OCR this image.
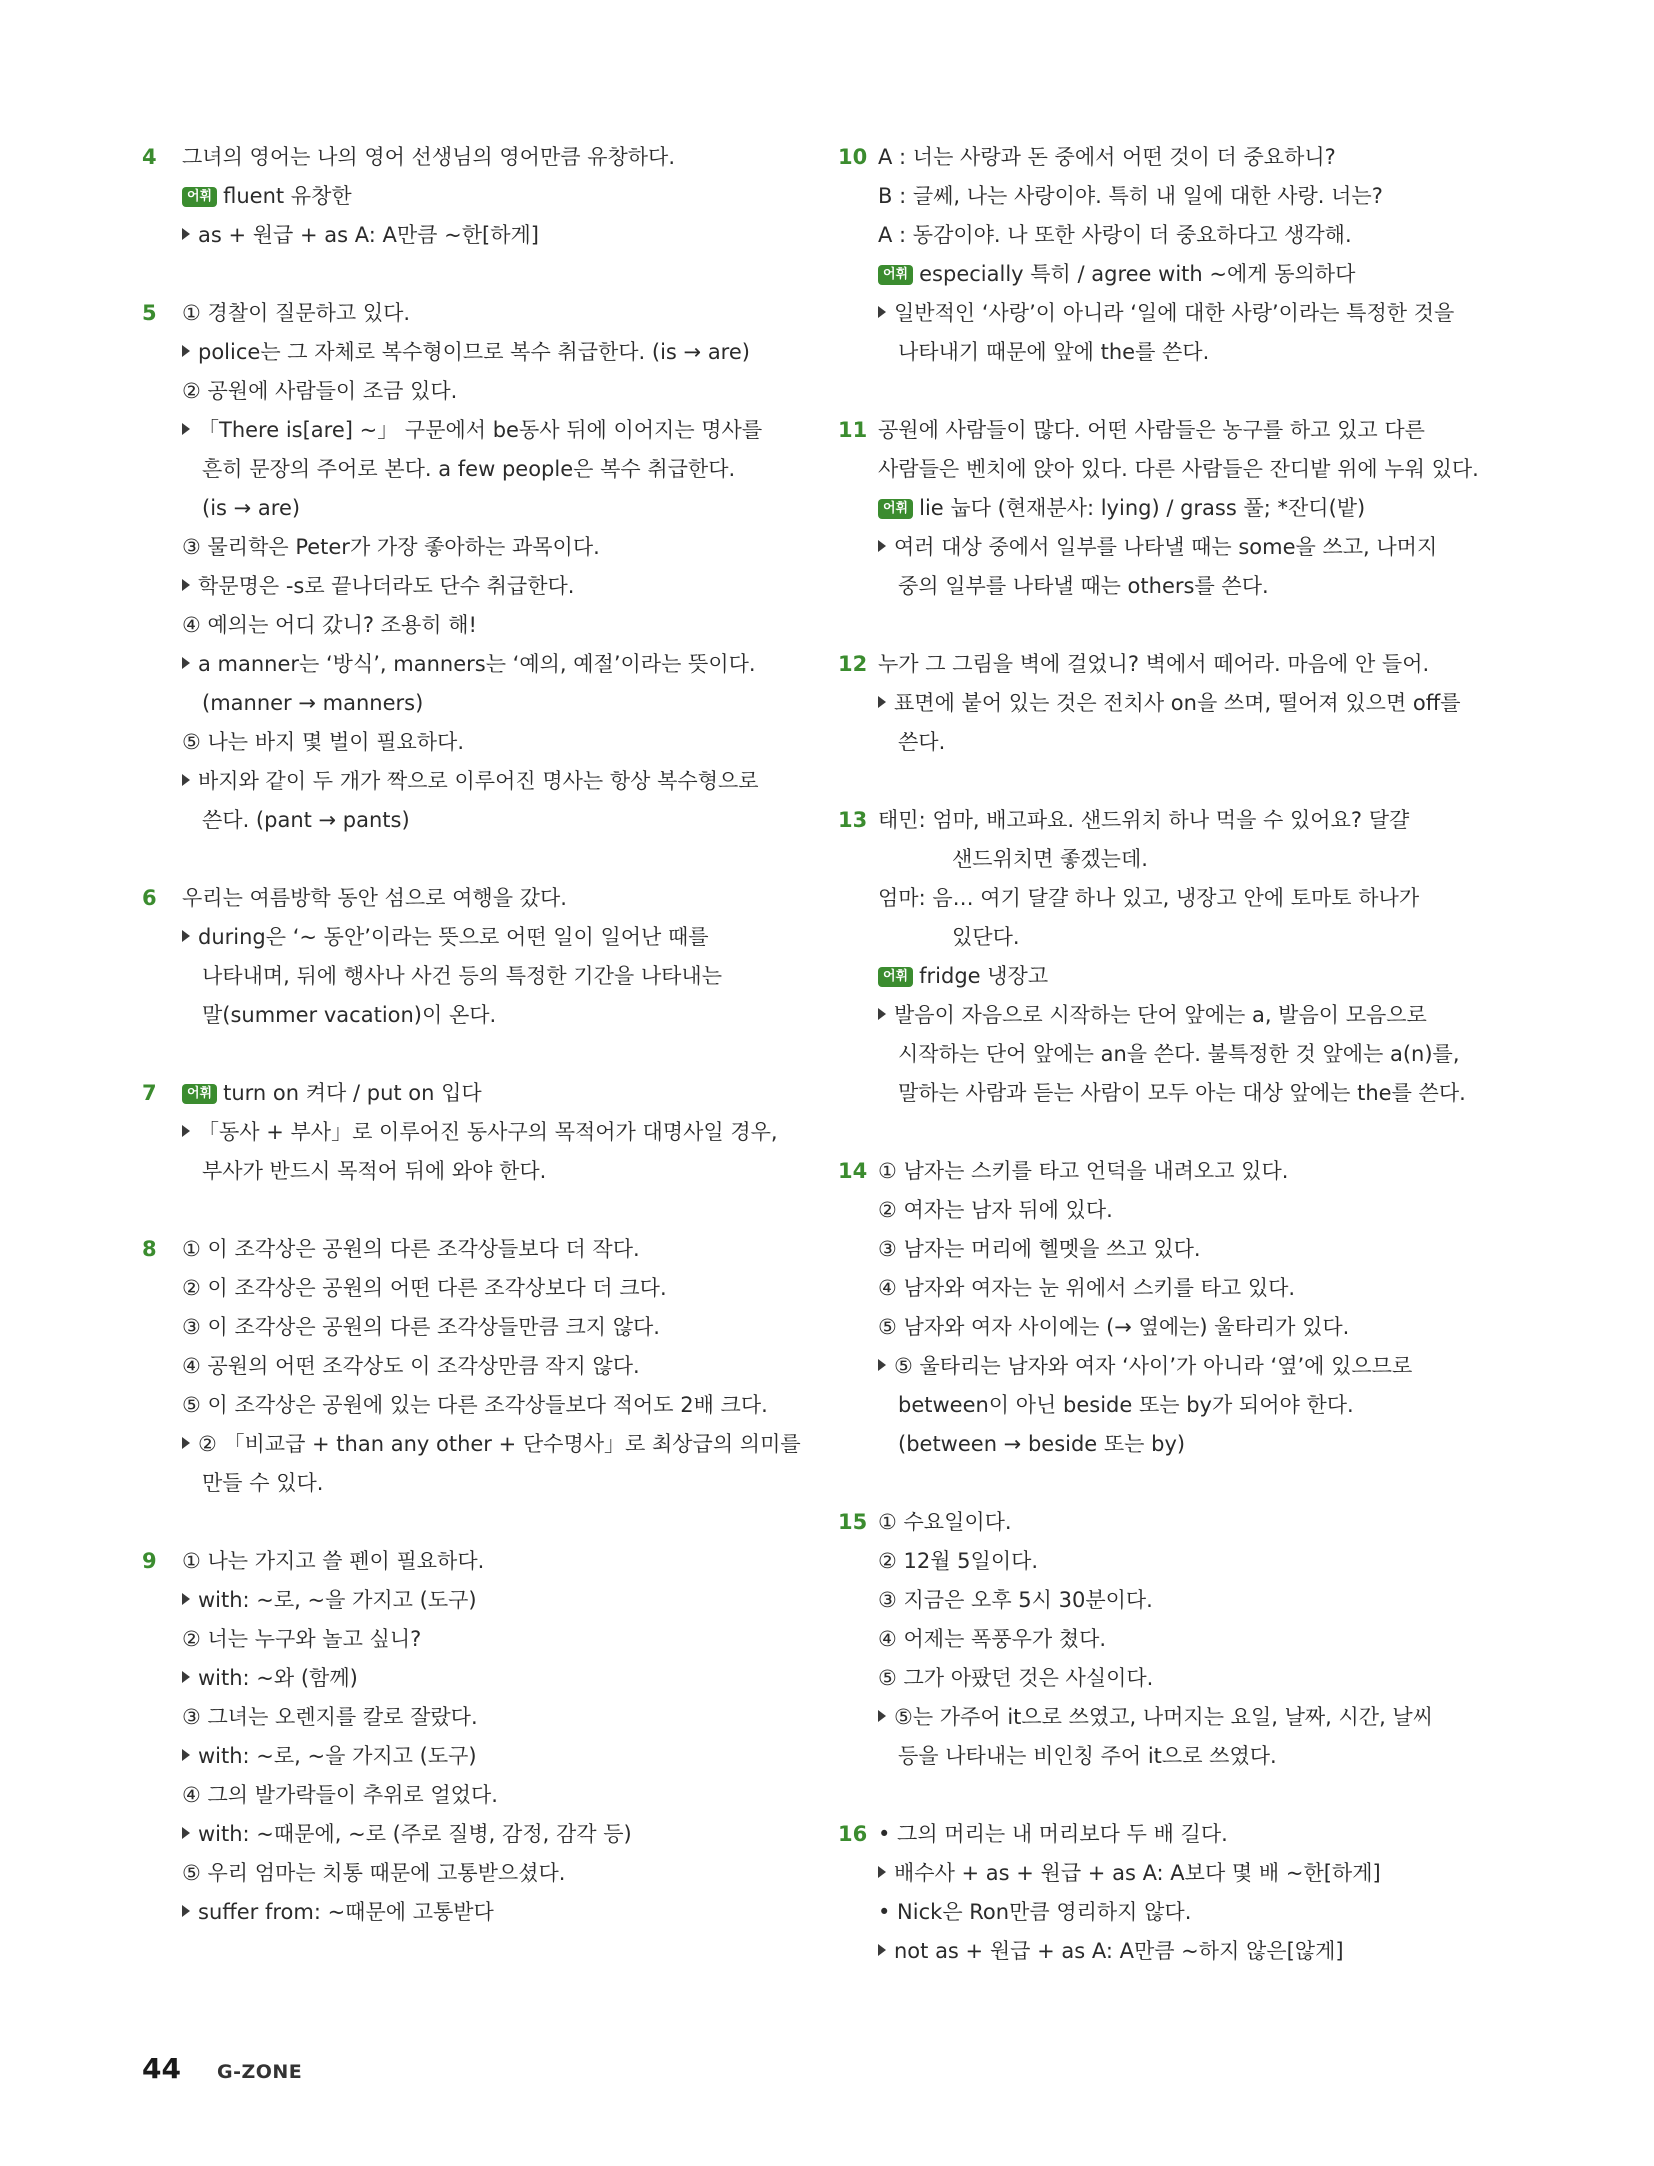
4 그녀의 영어는 나의 영어 선생님의 영어만큼 유창하다.
어휘 fluent 유창한
as + 원급 + as A: A만큼 ~한[하게]
5 ① 경찰이 질문하고 있다.
police는 그 자체로 복수형이므로 복수 취급한다. (is → are)
② 공원에 사람들이 조금 있다.
「There is[are] ~」 구문에서 be동사 뒤에 이어지는 명사를
흔히 문장의 주어로 본다. a few people은 복수 취급한다.
(is → are)
③ 물리학은 Peter가 가장 좋아하는 과목이다.
학문명은 -s로 끝나더라도 단수 취급한다.
④ 예의는 어디 갔니? 조용히 해!
a manner는 ‘방식’, manners는 ‘예의, 예절’이라는 뜻이다.
(manner → manners)
⑤ 나는 바지 몇 벌이 필요하다.
바지와 같이 두 개가 짝으로 이루어진 명사는 항상 복수형으로
쓴다. (pant → pants)
6 우리는 여름방학 동안 섬으로 여행을 갔다.
during은 ‘~ 동안’이라는 뜻으로 어떤 일이 일어난 때를
나타내며, 뒤에 행사나 사건 등의 특정한 기간을 나타내는
말(summer vacation)이 온다.
7	어휘 turn on 켜다 / put on 입다
「동사 + 부사」로 이루어진 동사구의 목적어가 대명사일 경우,
부사가 반드시 목적어 뒤에 와야 한다.
8 ① 이 조각상은 공원의 다른 조각상들보다 더 작다.
② 이 조각상은 공원의 어떤 다른 조각상보다 더 크다.
③ 이 조각상은 공원의 다른 조각상들만큼 크지 않다.
④ 공원의 어떤 조각상도 이 조각상만큼 작지 않다.
⑤ 이 조각상은 공원에 있는 다른 조각상들보다 적어도 2배 크다.
② 「비교급 + than any other + 단수명사」로 최상급의 의미를
만들 수 있다.
9 ① 나는 가지고 쓸 펜이 필요하다.
with: ~로, ~을 가지고 (도구)
② 너는 누구와 놀고 싶니?
with: ~와 (함께)
③ 그녀는 오렌지를 칼로 잘랐다.
with: ~로, ~을 가지고 (도구)
④ 그의 발가락들이 추위로 얼었다.
with: ~때문에, ~로 (주로 질병, 감정, 감각 등)
⑤ 우리 엄마는 치통 때문에 고통받으셨다.
suffer from: ~때문에 고통받다
10 A : 너는 사랑과 돈 중에서 어떤 것이 더 중요하니?
B : 글쎄, 나는 사랑이야. 특히 내 일에 대한 사랑. 너는?
A : 동감이야. 나 또한 사랑이 더 중요하다고 생각해.
어휘 especially 특히 / agree with ~에게 동의하다
일반적인 ‘사랑’이 아니라 ‘일에 대한 사랑’이라는 특정한 것을
나타내기 때문에 앞에 the를 쓴다.
11 공원에 사람들이 많다. 어떤 사람들은 농구를 하고 있고 다른
사람들은 벤치에 앉아 있다. 다른 사람들은 잔디밭 위에 누워 있다.
어휘 lie 눕다 (현재분사: lying) / grass 풀; *잔디(밭)
여러 대상 중에서 일부를 나타낼 때는 some을 쓰고, 나머지
중의 일부를 나타낼 때는 others를 쓴다.
12 누가 그 그림을 벽에 걸었니? 벽에서 떼어라. 마음에 안 들어.
표면에 붙어 있는 것은 전치사 on을 쓰며, 떨어져 있으면 off를
쓴다.
13 태민: 엄마, 배고파요. 샌드위치 하나 먹을 수 있어요? 달걀
샌드위치면 좋겠는데.
엄마: 음… 여기 달걀 하나 있고, 냉장고 안에 토마토 하나가
있단다.
어휘 fridge 냉장고
발음이 자음으로 시작하는 단어 앞에는 a, 발음이 모음으로
시작하는 단어 앞에는 an을 쓴다. 불특정한 것 앞에는 a(n)를,
말하는 사람과 듣는 사람이 모두 아는 대상 앞에는 the를 쓴다.
14 ① 남자는 스키를 타고 언덕을 내려오고 있다.
② 여자는 남자 뒤에 있다.
③ 남자는 머리에 헬멧을 쓰고 있다.
④ 남자와 여자는 눈 위에서 스키를 타고 있다.
⑤ 남자와 여자 사이에는 (→ 옆에는) 울타리가 있다.
⑤ 울타리는 남자와 여자 ‘사이’가 아니라 ‘옆’에 있으므로
between이 아닌 beside 또는 by가 되어야 한다.
(between → beside 또는 by)
15 ① 수요일이다.
② 12월 5일이다.
③ 지금은 오후 5시 30분이다.
④ 어제는 폭풍우가 쳤다.
⑤ 그가 아팠던 것은 사실이다.
⑤는 가주어 it으로 쓰였고, 나머지는 요일, 날짜, 시간, 날씨
등을 나타내는 비인칭 주어 it으로 쓰였다.
16 • 그의 머리는 내 머리보다 두 배 길다.
배수사 + as + 원급 + as A: A보다 몇 배 ~한[하게]
• Nick은 Ron만큼 영리하지 않다.
not as + 원급 + as A: A만큼 ~하지 않은[않게]
44 G-ZONE
